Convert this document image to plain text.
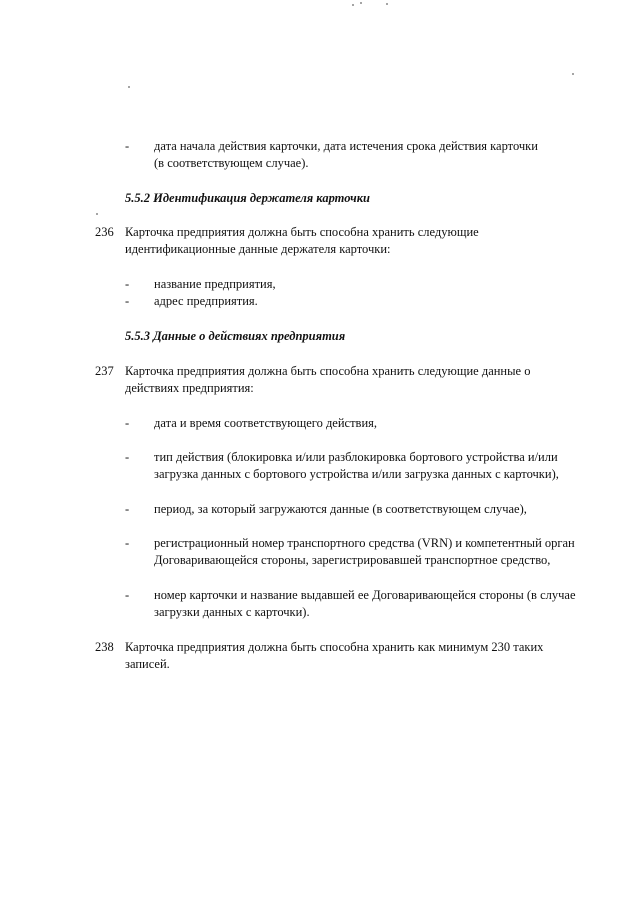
- дата начала действия карточки, дата истечения срока действия карточки
(в соответствующем случае).
5.5.2 Идентификация держателя карточки
236 Карточка предприятия должна быть способна хранить следующие
идентификационные данные держателя карточки:
- название предприятия,
- адрес предприятия.
5.5.3 Данные о действиях предприятия
237 Карточка предприятия должна быть способна хранить следующие данные о
действиях предприятия:
- дата и время соответствующего действия,
- тип действия (блокировка и/или разблокировка бортового устройства и/или
загрузка данных с бортового устройства и/или загрузка данных с карточки),
- период, за который загружаются данные (в соответствующем случае),
- регистрационный номер транспортного средства (VRN) и компетентный орган
Договаривающейся стороны, зарегистрировавшей транспортное средство,
- номер карточки и название выдавшей ее Договаривающейся стороны (в случае
загрузки данных с карточки).
238 Карточка предприятия должна быть способна хранить как минимум 230 таких
записей.
